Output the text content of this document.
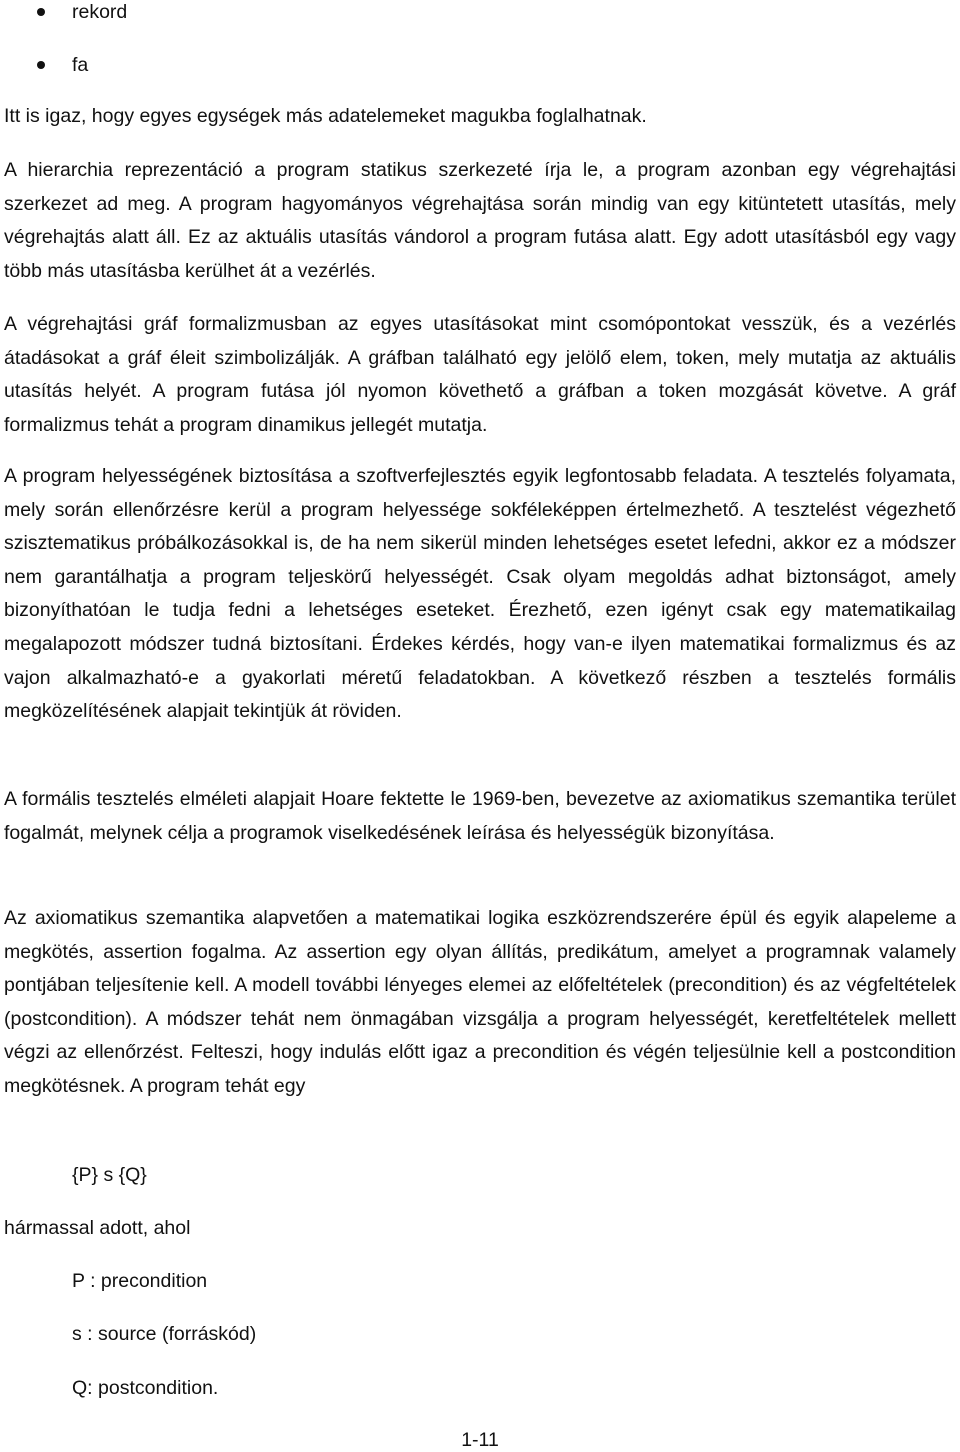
rekord
fa

Itt is igaz, hogy egyes egységek más adatelemeket magukba foglalhatnak.

A hierarchia reprezentáció a program statikus szerkezeté írja le, a program azonban egy végrehajtási szerkezet ad meg. A program hagyományos végrehajtása során mindig van egy kitüntetett utasítás, mely végrehajtás alatt áll. Ez az aktuális utasítás vándorol a program futása alatt. Egy adott utasításból egy vagy több más utasításba kerülhet át a vezérlés.

A végrehajtási gráf formalizmusban az egyes utasításokat mint csomópontokat vesszük, és a vezérlés átadásokat a gráf éleit szimbolizálják. A gráfban található egy jelölő elem, token, mely mutatja az aktuális utasítás helyét. A program futása jól nyomon követhető a gráfban a token mozgását követve. A gráf formalizmus tehát a program dinamikus jellegét mutatja.

A program helyességének biztosítása a szoftverfejlesztés egyik legfontosabb feladata. A tesztelés folyamata, mely során ellenőrzésre kerül a program helyessége sokféleképpen értelmezhető. A tesztelést végezhető szisztematikus próbálkozásokkal is, de ha nem sikerül minden lehetséges esetet lefedni, akkor ez a módszer nem garantálhatja a program teljeskörű helyességét. Csak olyam megoldás adhat biztonságot, amely bizonyíthatóan le tudja fedni a lehetséges eseteket. Érezhető, ezen igényt csak egy matematikailag megalapozott módszer tudná biztosítani. Érdekes kérdés, hogy van-e ilyen matematikai formalizmus és az vajon alkalmazható-e a gyakorlati méretű feladatokban. A következő részben a tesztelés formális megközelítésének alapjait tekintjük át röviden.

A formális tesztelés elméleti alapjait Hoare fektette le 1969-ben, bevezetve az axiomatikus szemantika terület fogalmát, melynek célja a programok viselkedésének leírása és helyességük bizonyítása.

Az axiomatikus szemantika alapvetően a matematikai logika eszközrendszerére épül és egyik alapeleme a megkötés, assertion fogalma. Az assertion egy olyan állítás, predikátum, amelyet a programnak valamely pontjában teljesítenie kell. A modell további lényeges elemei az előfeltételek (precondition) és az végfeltételek (postcondition). A módszer tehát nem önmagában vizsgálja a program helyességét, keretfeltételek mellett végzi az ellenőrzést. Felteszi, hogy indulás előtt igaz a precondition és végén teljesülnie kell a postcondition megkötésnek. A program tehát egy

{P} s {Q}

hármassal adott, ahol

P : precondition

s : source (forráskód)

Q: postcondition.

1-11
